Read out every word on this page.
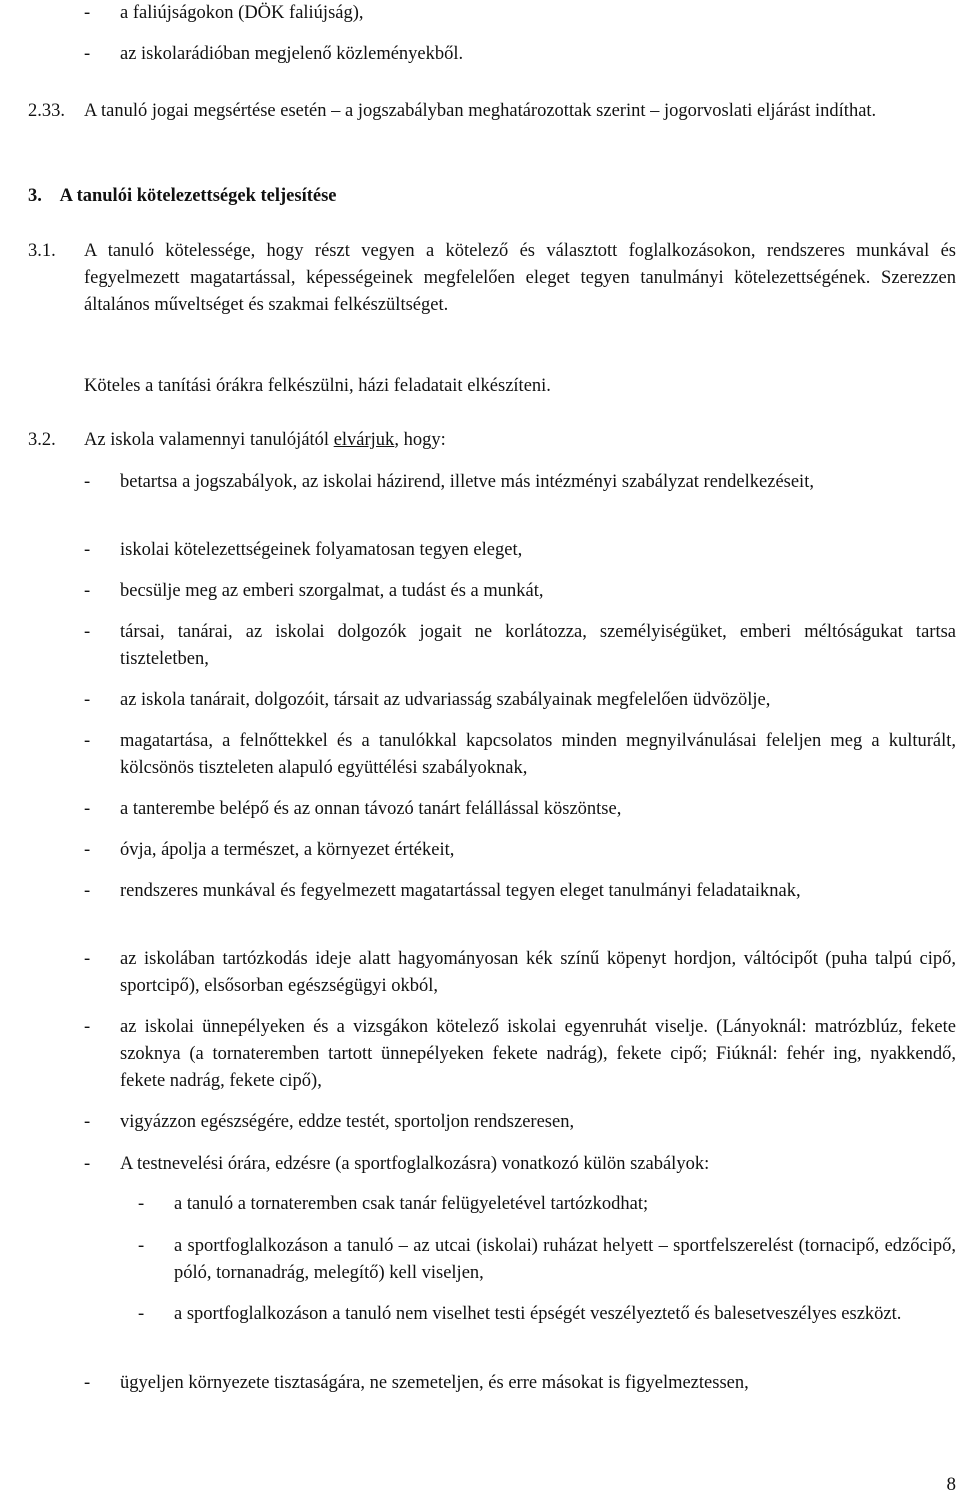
- a faliújságokon (DÖK faliújság),
- az iskolarádióban megjelenő közleményekből.
2.33. A tanuló jogai megsértése esetén – a jogszabályban meghatározottak szerint – jogorvoslati eljárást indíthat.
3. A tanulói kötelezettségek teljesítése
3.1. A tanuló kötelessége, hogy részt vegyen a kötelező és választott foglalkozásokon, rendszeres munkával és fegyelmezett magatartással, képességeinek megfelelően eleget tegyen tanulmányi kötelezettségének. Szerezzen általános műveltséget és szakmai felkészültséget.
Köteles a tanítási órákra felkészülni, házi feladatait elkészíteni.
3.2. Az iskola valamennyi tanulójától elvárjuk, hogy:
- betartsa a jogszabályok, az iskolai házirend, illetve más intézményi szabályzat rendelkezéseit,
- iskolai kötelezettségeinek folyamatosan tegyen eleget,
- becsülje meg az emberi szorgalmat, a tudást és a munkát,
- társai, tanárai, az iskolai dolgozók jogait ne korlátozza, személyiségüket, emberi méltóságukat tartsa tiszteletben,
- az iskola tanárait, dolgozóit, társait az udvariasság szabályainak megfelelően üdvözölje,
- magatartása, a felnőttekkel és a tanulókkal kapcsolatos minden megnyilvánulásai feleljen meg a kulturált, kölcsönös tiszteleten alapuló együttélési szabályoknak,
- a tanterembe belépő és az onnan távozó tanárt felállással köszöntse,
- óvja, ápolja a természet, a környezet értékeit,
- rendszeres munkával és fegyelmezett magatartással tegyen eleget tanulmányi feladataiknak,
- az iskolában tartózkodás ideje alatt hagyományosan kék színű köpenyt hordjon, váltócipőt (puha talpú cipő, sportcipő), elsősorban egészségügyi okból,
- az iskolai ünnepélyeken és a vizsgákon kötelező iskolai egyenruhát viselje. (Lányoknál: matrózblúz, fekete szoknya (a tornateremben tartott ünnepélyeken fekete nadrág), fekete cipő; Fiúknál: fehér ing, nyakkendő, fekete nadrág, fekete cipő),
- vigyázzon egészségére, eddze testét, sportoljon rendszeresen,
- A testnevelési órára, edzésre (a sportfoglalkozásra) vonatkozó külön szabályok:
- a tanuló a tornateremben csak tanár felügyeletével tartózkodhat;
- a sportfoglalkozáson a tanuló – az utcai (iskolai) ruházat helyett – sportfelszerelést (tornacipő, edzőcipő, póló, tornanadrág, melegítő) kell viseljen,
- a sportfoglalkozáson a tanuló nem viselhet testi épségét veszélyeztető és balesetveszélyes eszközt.
- ügyeljen környezete tisztaságára, ne szemeteljen, és erre másokat is figyelmeztessen,
8
